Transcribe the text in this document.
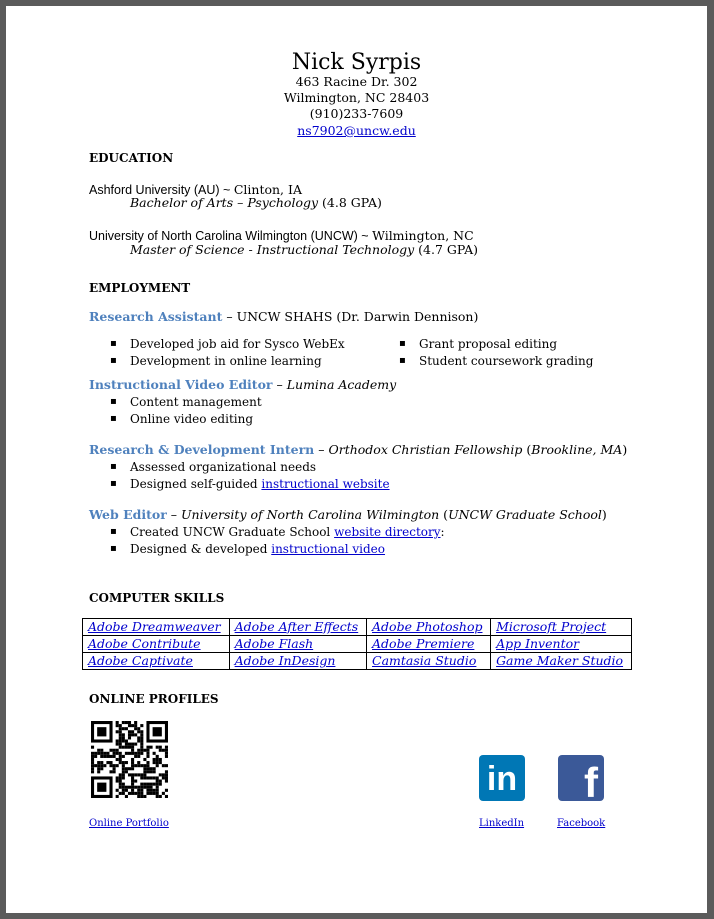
Nick Syrpis
463 Racine Dr. 302
Wilmington, NC 28403
(910)233-7609
ns7902@uncw.edu
EDUCATION
Ashford University (AU) ~ Clinton, IA
Bachelor of Arts – Psychology (4.8 GPA)
University of North Carolina Wilmington (UNCW) ~ Wilmington, NC
Master of Science - Instructional Technology (4.7 GPA)
EMPLOYMENT
Research Assistant – UNCW SHAHS (Dr. Darwin Dennison)
▪ Developed job aid for Sysco WebEx
▪ Development in online learning
▪ Grant proposal editing
▪ Student coursework grading
Instructional Video Editor – Lumina Academy
▪ Content management
▪ Online video editing
Research & Development Intern – Orthodox Christian Fellowship (Brookline, MA)
▪ Assessed organizational needs
▪ Designed self-guided instructional website
Web Editor – University of North Carolina Wilmington (UNCW Graduate School)
▪ Created UNCW Graduate School website directory:
▪ Designed & developed instructional video
COMPUTER SKILLS
Adobe Dreamweaver	Adobe After Effects	Adobe Photoshop	Microsoft Project
Adobe Contribute	Adobe Flash	Adobe Premiere	App Inventor
Adobe Captivate	Adobe InDesign	Camtasia Studio	Game Maker Studio
ONLINE PROFILES
in	f
Online Portfolio	LinkedIn	Facebook
